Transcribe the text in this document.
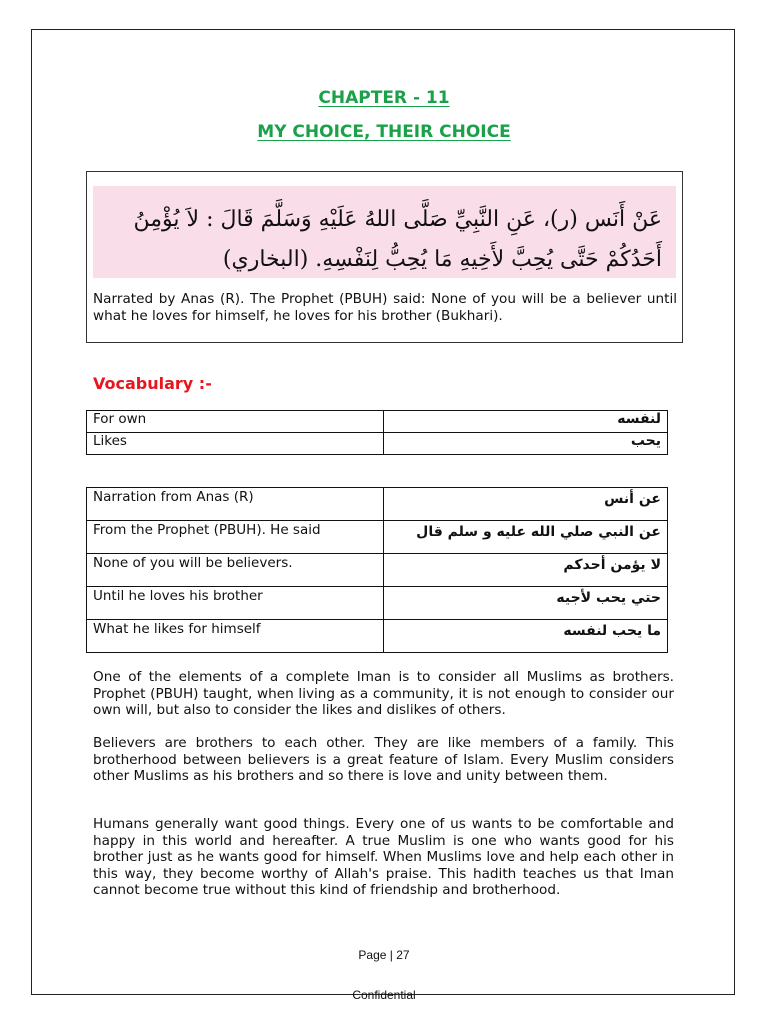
CHAPTER - 11
MY CHOICE, THEIR CHOICE
عَنْ أَنَس (ر)، عَنِ النَّبِيِّ صَلَّى اللهُ عَلَيْهِ وَسَلَّمَ قَالَ : لاَ يُؤْمِنُ أَحَدُكُمْ حَتَّى يُحِبَّ لأَخِيهِ مَا يُحِبُّ لِنَفْسِهِ. (البخاري)
Narrated by Anas (R). The Prophet (PBUH) said: None of you will be a believer until what he loves for himself, he loves for his brother (Bukhari).
Vocabulary :-
For own	لنفسه
Likes	يحب
Narration from Anas (R)	عن أنس
From the Prophet (PBUH). He said	عن النبي صلي الله عليه و سلم قال
None of you will be believers.	لا يؤمن أحدكم
Until he loves his brother	حتي يحب لأجيه
What he likes for himself	ما يحب لنفسه
One of the elements of a complete Iman is to consider all Muslims as brothers. Prophet (PBUH) taught, when living as a community, it is not enough to consider our own will, but also to consider the likes and dislikes of others.
Believers are brothers to each other. They are like members of a family. This brotherhood between believers is a great feature of Islam. Every Muslim considers other Muslims as his brothers and so there is love and unity between them.
Humans generally want good things. Every one of us wants to be comfortable and happy in this world and hereafter. A true Muslim is one who wants good for his brother just as he wants good for himself. When Muslims love and help each other in this way, they become worthy of Allah's praise. This hadith teaches us that Iman cannot become true without this kind of friendship and brotherhood.
Page | 27
Confidential
